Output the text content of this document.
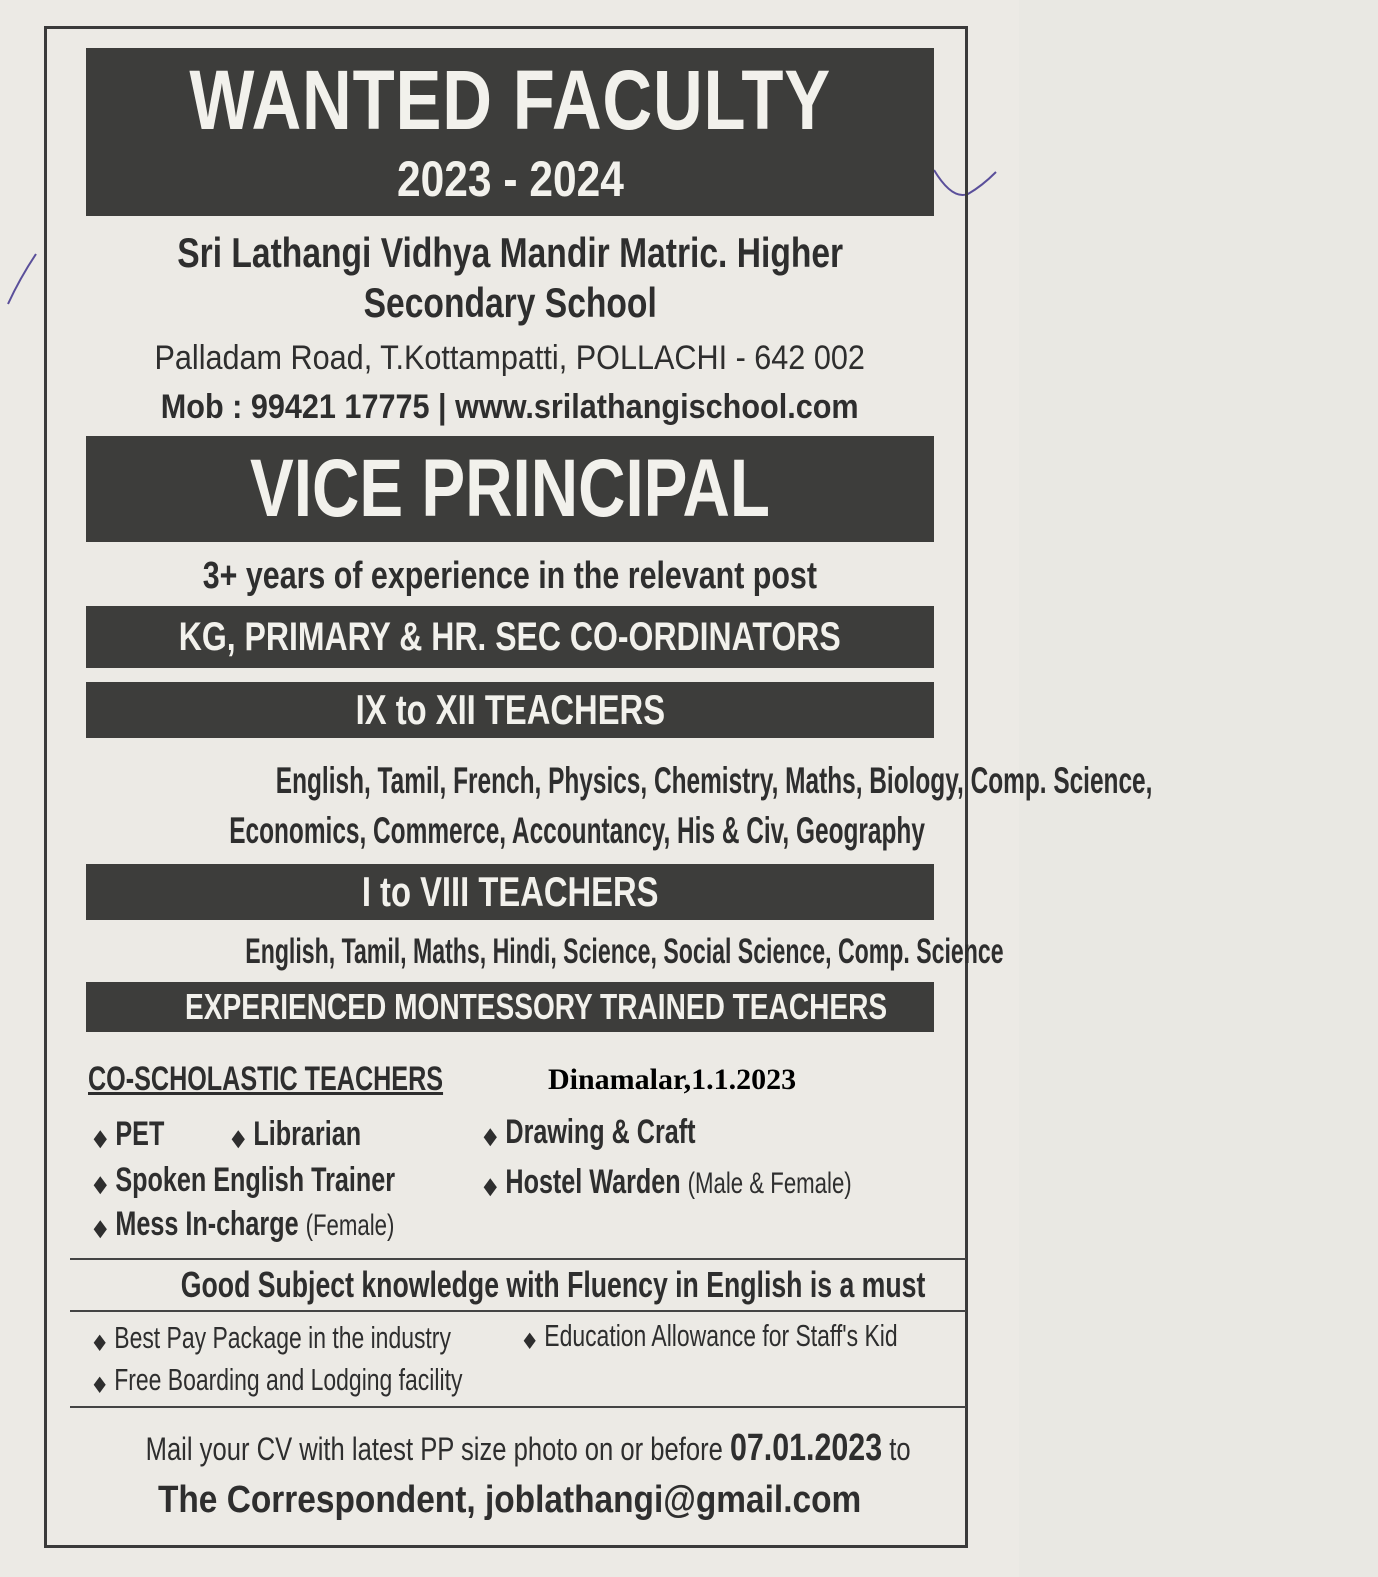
WANTED FACULTY
2023 - 2024
Sri Lathangi Vidhya Mandir Matric. Higher
Secondary School
Palladam Road, T.Kottampatti, POLLACHI - 642 002
Mob : 99421 17775 | www.srilathangischool.com
VICE PRINCIPAL
3+ years of experience in the relevant post
KG, PRIMARY & HR. SEC CO-ORDINATORS
IX to XII TEACHERS
English, Tamil, French, Physics, Chemistry, Maths, Biology, Comp. Science,
Economics, Commerce, Accountancy, His & Civ, Geography
I to VIII TEACHERS
English, Tamil, Maths, Hindi, Science, Social Science, Comp. Science
EXPERIENCED MONTESSORY TRAINED TEACHERS
CO-SCHOLASTIC TEACHERS	Dinamalar,1.1.2023
◆ PET	◆ Librarian	◆ Drawing & Craft
◆ Spoken English Trainer	◆ Hostel Warden (Male & Female)
◆ Mess In-charge (Female)
Good Subject knowledge with Fluency in English is a must
◆ Best Pay Package in the industry	◆ Education Allowance for Staff's Kid
◆ Free Boarding and Lodging facility
Mail your CV with latest PP size photo on or before 07.01.2023 to
The Correspondent, joblathangi@gmail.com
